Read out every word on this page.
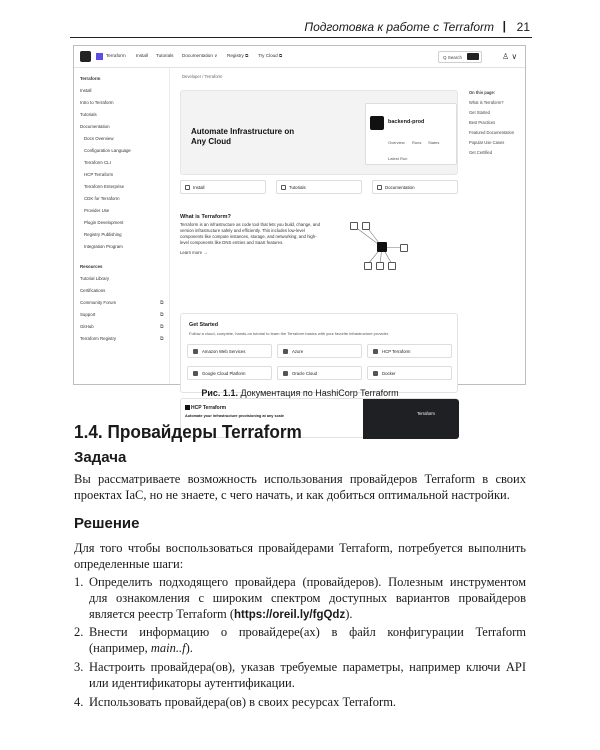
Подготовка к работе с Terraform | 21
Terraform Install Tutorials Documentation ∨ Registry ⧉ Try Cloud ⧉	Q Search	♙ ∨
Terraform
Install
Intro to Terraform
Tutorials
Documentation
Docs Overview
Configuration Language
Terraform CLI
HCP Terraform
Terraform Enterprise
CDK for Terraform
Provider Use
Plugin Development
Registry Publishing
Integration Program
Resources
Tutorial Library
Certifications
Community Forum
Support
GitHub
Terraform Registry
⧉
⧉
⧉
⧉
Developer / Terraform
Automate Infrastructure on Any Cloud
backend-prod
Overview Runs States
Latest Run
Install	Tutorials	Documentation
What is Terraform?
Terraform is an infrastructure as code tool that lets you build, change, and version infrastructure safely and efficiently. This includes low-level components like compute instances, storage, and networking; and high-level components like DNS entries and SaaS features.
Learn more →
Get Started
Follow a cloud, complete, hands-on tutorial to learn the Terraform basics with your favorite infrastructure provider.
Amazon Web Services	Azure	HCP Terraform
Google Cloud Platform	Oracle Cloud	Docker
HCP Terraform
Automate your infrastructure provisioning at any scale	Terraform
On this page:
What is Terraform?
Get Started
Best Practices
Featured Documentation
Popular Use Cases
Get Certified
Рис. 1.1. Документация по HashiCorp Terraform
1.4. Провайдеры Terraform
Задача
Вы рассматриваете возможность использования провайдеров Terraform в своих проектах IaC, но не знаете, с чего начать, и как добиться оптимальной настройки.
Решение
Для того чтобы воспользоваться провайдерами Terraform, потребуется выполнить определенные шаги:
1. Определить подходящего провайдера (провайдеров). Полезным инструментом для ознакомления с широким спектром доступных вариантов провайдеров является реестр Terraform (https://oreil.ly/fgQdz).
2. Внести информацию о провайдере(ах) в файл конфигурации Terraform (например, main..f).
3. Настроить провайдера(ов), указав требуемые параметры, например ключи API или идентификаторы аутентификации.
4. Использовать провайдера(ов) в своих ресурсах Terraform.
